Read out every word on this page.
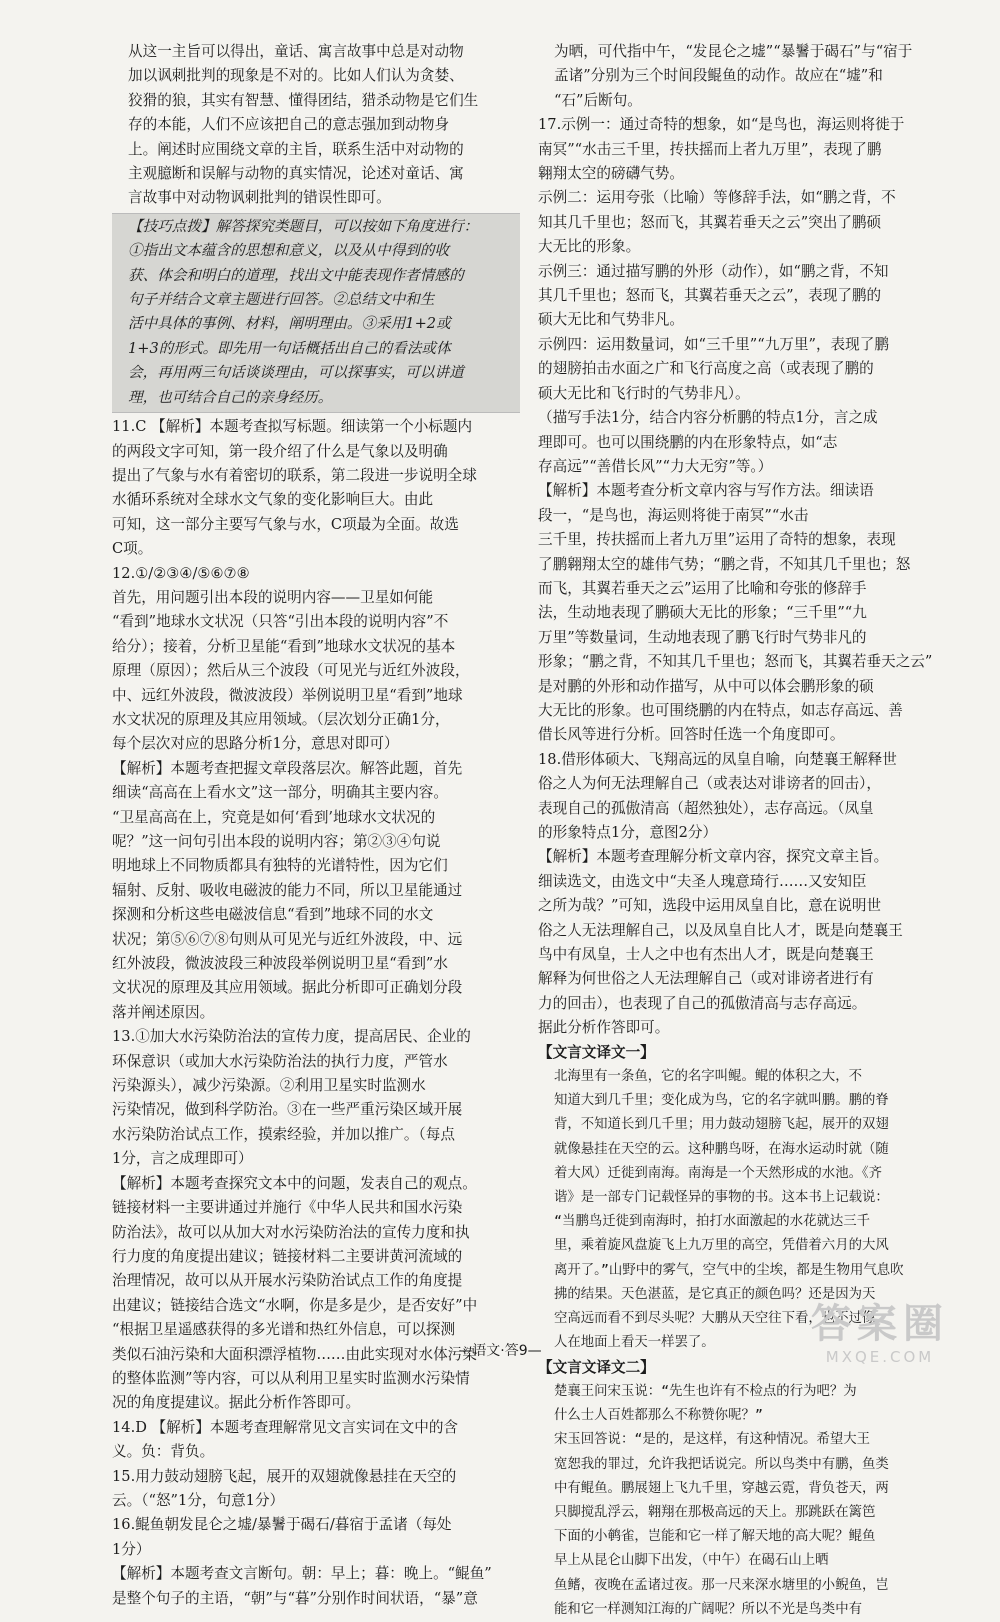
从这一主旨可以得出，童话、寓言故事中总是对动物

加以讽刺批判的现象是不对的。比如人们认为贪婪、

狡猾的狼，其实有智慧、懂得团结，猎杀动物是它们生

存的本能，人们不应该把自己的意志强加到动物身

上。阐述时应围绕文章的主旨，联系生活中对动物的

主观臆断和误解与动物的真实情况，论述对童话、寓

言故事中对动物讽刺批判的错误性即可。

【技巧点拨】解答探究类题目，可以按如下角度进行：

①指出文本蕴含的思想和意义，以及从中得到的收

获、体会和明白的道理，找出文中能表现作者情感的

句子并结合文章主题进行回答。②总结文中和生

活中具体的事例、材料，阐明理由。③采用1+2或

1+3的形式。即先用一句话概括出自己的看法或体

会，再用两三句话谈谈理由，可以探事实，可以讲道

理，也可结合自己的亲身经历。

11.C 【解析】本题考查拟写标题。细读第一个小标题内

的两段文字可知，第一段介绍了什么是气象以及明确

提出了气象与水有着密切的联系，第二段进一步说明全球

水循环系统对全球水文气象的变化影响巨大。由此

可知，这一部分主要写气象与水，C项最为全面。故选

C项。

12.①/②③④/⑤⑥⑦⑧

首先，用问题引出本段的说明内容——卫星如何能

“看到”地球水文状况（只答“引出本段的说明内容”不

给分）；接着，分析卫星能“看到”地球水文状况的基本

原理（原因）；然后从三个波段（可见光与近红外波段，

中、远红外波段，微波波段）举例说明卫星“看到”地球

水文状况的原理及其应用领域。（层次划分正确1分，

每个层次对应的思路分析1分，意思对即可）

【解析】本题考查把握文章段落层次。解答此题，首先

细读“高高在上看水文”这一部分，明确其主要内容。

“卫星高高在上，究竟是如何‘看到’地球水文状况的

呢？”这一问句引出本段的说明内容；第②③④句说

明地球上不同物质都具有独特的光谱特性，因为它们

辐射、反射、吸收电磁波的能力不同，所以卫星能通过

探测和分析这些电磁波信息“看到”地球不同的水文

状况；第⑤⑥⑦⑧句则从可见光与近红外波段，中、远

红外波段，微波波段三种波段举例说明卫星“看到”水

文状况的原理及其应用领域。据此分析即可正确划分段

落并阐述原因。

13.①加大水污染防治法的宣传力度，提高居民、企业的

环保意识（或加大水污染防治法的执行力度，严管水

污染源头），减少污染源。②利用卫星实时监测水

污染情况，做到科学防治。③在一些严重污染区域开展

水污染防治试点工作，摸索经验，并加以推广。（每点

1分，言之成理即可）

【解析】本题考查探究文本中的问题，发表自己的观点。

链接材料一主要讲通过并施行《中华人民共和国水污染

防治法》，故可以从加大对水污染防治法的宣传力度和执

行力度的角度提出建议；链接材料二主要讲黄河流域的

治理情况，故可以从开展水污染防治试点工作的角度提

出建议；链接结合选文“水啊，你是多是少，是否安好”中

“根据卫星遥感获得的多光谱和热红外信息，可以探测

类似石油污染和大面积漂浮植物……由此实现对水体污染

的整体监测”等内容，可以从利用卫星实时监测水污染情

况的角度提建议。据此分析作答即可。

14.D 【解析】本题考查理解常见文言实词在文中的含

义。负：背负。

15.用力鼓动翅膀飞起，展开的双翅就像悬挂在天空的

云。（“怒”1分，句意1分）

16.鲲鱼朝发昆仑之墟/暴鬐于碣石/暮宿于孟诸（每处

1分）

【解析】本题考查文言断句。朝：早上；暮：晚上。“鲲鱼”

是整个句子的主语，“朝”与“暮”分别作时间状语，“暴”意

为晒，可代指中午，“发昆仑之墟”“暴鬐于碣石”与“宿于

孟诸”分别为三个时间段鲲鱼的动作。故应在“墟”和

“石”后断句。

17.示例一：通过奇特的想象，如“是鸟也，海运则将徙于

南冥”“水击三千里，抟扶摇而上者九万里”，表现了鹏

翱翔太空的磅礴气势。

示例二：运用夸张（比喻）等修辞手法，如“鹏之背，不

知其几千里也；怒而飞，其翼若垂天之云”突出了鹏硕

大无比的形象。

示例三：通过描写鹏的外形（动作），如“鹏之背，不知

其几千里也；怒而飞，其翼若垂天之云”，表现了鹏的

硕大无比和气势非凡。

示例四：运用数量词，如“三千里”“九万里”，表现了鹏

的翅膀拍击水面之广和飞行高度之高（或表现了鹏的

硕大无比和飞行时的气势非凡）。

（描写手法1分，结合内容分析鹏的特点1分，言之成

理即可。也可以围绕鹏的内在形象特点，如“志

存高远”“善借长风”“力大无穷”等。）

【解析】本题考查分析文章内容与写作方法。细读语

段一，“是鸟也，海运则将徙于南冥”“水击

三千里，抟扶摇而上者九万里”运用了奇特的想象，表现

了鹏翱翔太空的雄伟气势；“鹏之背，不知其几千里也；怒

而飞，其翼若垂天之云”运用了比喻和夸张的修辞手

法，生动地表现了鹏硕大无比的形象；“三千里”“九

万里”等数量词，生动地表现了鹏飞行时气势非凡的

形象；“鹏之背，不知其几千里也；怒而飞，其翼若垂天之云”

是对鹏的外形和动作描写，从中可以体会鹏形象的硕

大无比的形象。也可围绕鹏的内在特点，如志存高远、善

借长风等进行分析。回答时任选一个角度即可。

18.借形体硕大、飞翔高远的凤皇自喻，向楚襄王解释世

俗之人为何无法理解自己（或表达对诽谤者的回击），

表现自己的孤傲清高（超然独处），志存高远。（凤皇

的形象特点1分，意图2分）

【解析】本题考查理解分析文章内容，探究文章主旨。

细读选文，由选文中“夫圣人瑰意琦行……又安知臣

之所为哉？”可知，选段中运用凤皇自比，意在说明世

俗之人无法理解自己，以及凤皇自比人才，既是向楚襄王

鸟中有凤皇，士人之中也有杰出人才，既是向楚襄王

解释为何世俗之人无法理解自己（或对诽谤者进行有

力的回击），也表现了自己的孤傲清高与志存高远。

据此分析作答即可。

【文言文译文一】

北海里有一条鱼，它的名字叫鲲。鲲的体积之大，不

知道大到几千里；变化成为鸟，它的名字就叫鹏。鹏的脊

背，不知道长到几千里；用力鼓动翅膀飞起，展开的双翅

就像悬挂在天空的云。这种鹏鸟呀，在海水运动时就（随

着大风）迁徙到南海。南海是一个天然形成的水池。《齐

谐》是一部专门记载怪异的事物的书。这本书上记载说：

“当鹏鸟迁徙到南海时，拍打水面激起的水花就达三千

里，乘着旋风盘旋飞上九万里的高空，凭借着六月的大风

离开了。”山野中的雾气，空气中的尘埃，都是生物用气息吹

拂的结果。天色湛蓝，是它真正的颜色吗？还是因为天

空高远而看不到尽头呢？大鹏从天空往下看，也不过像

人在地面上看天一样罢了。

【文言文译文二】

楚襄王问宋玉说：“先生也许有不检点的行为吧？为

什么士人百姓都那么不称赞你呢？”

宋玉回答说：“是的，是这样，有这种情况。希望大王

宽恕我的罪过，允许我把话说完。所以鸟类中有鹏，鱼类

中有鲲鱼。鹏展翅上飞九千里，穿越云霓，背负苍天，两

只脚搅乱浮云，翱翔在那极高远的天上。那跳跃在篱笆

下面的小鹌雀，岂能和它一样了解天地的高大呢？鲲鱼

早上从昆仑山脚下出发，（中午）在碣石山上晒

鱼鳍，夜晚在孟诸过夜。那一尺来深水塘里的小鲵鱼，岂

能和它一样测知江海的广阔呢？所以不光是鸟类中有

—语文·答9—
答案圈
MXQE.COM
